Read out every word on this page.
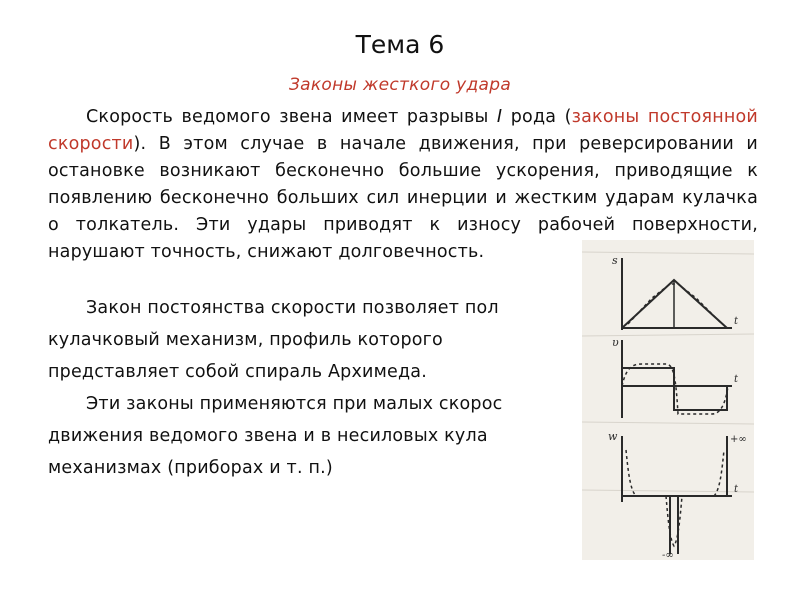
Тема 6
Законы жесткого удара
Скорость ведомого звена имеет разрывы I рода (законы постоянной скорости). В этом случае в начале движения, при реверсировании и остановке возникают бесконечно большие ускорения, приводящие к появлению бесконечно больших сил инерции и жестким ударам кулачка о толкатель. Эти удары приводят к износу рабочей поверхности, нарушают точность, снижают долговечность.
Закон постоянства скорости позволяет пол
кулачковый механизм, профиль которого
представляет собой спираль Архимеда.
Эти законы применяются при малых скорос
движения ведомого звена и в несиловых кула
механизмах (приборах и т. п.)
s
t
υ
t
w	+∞
t
-∞
